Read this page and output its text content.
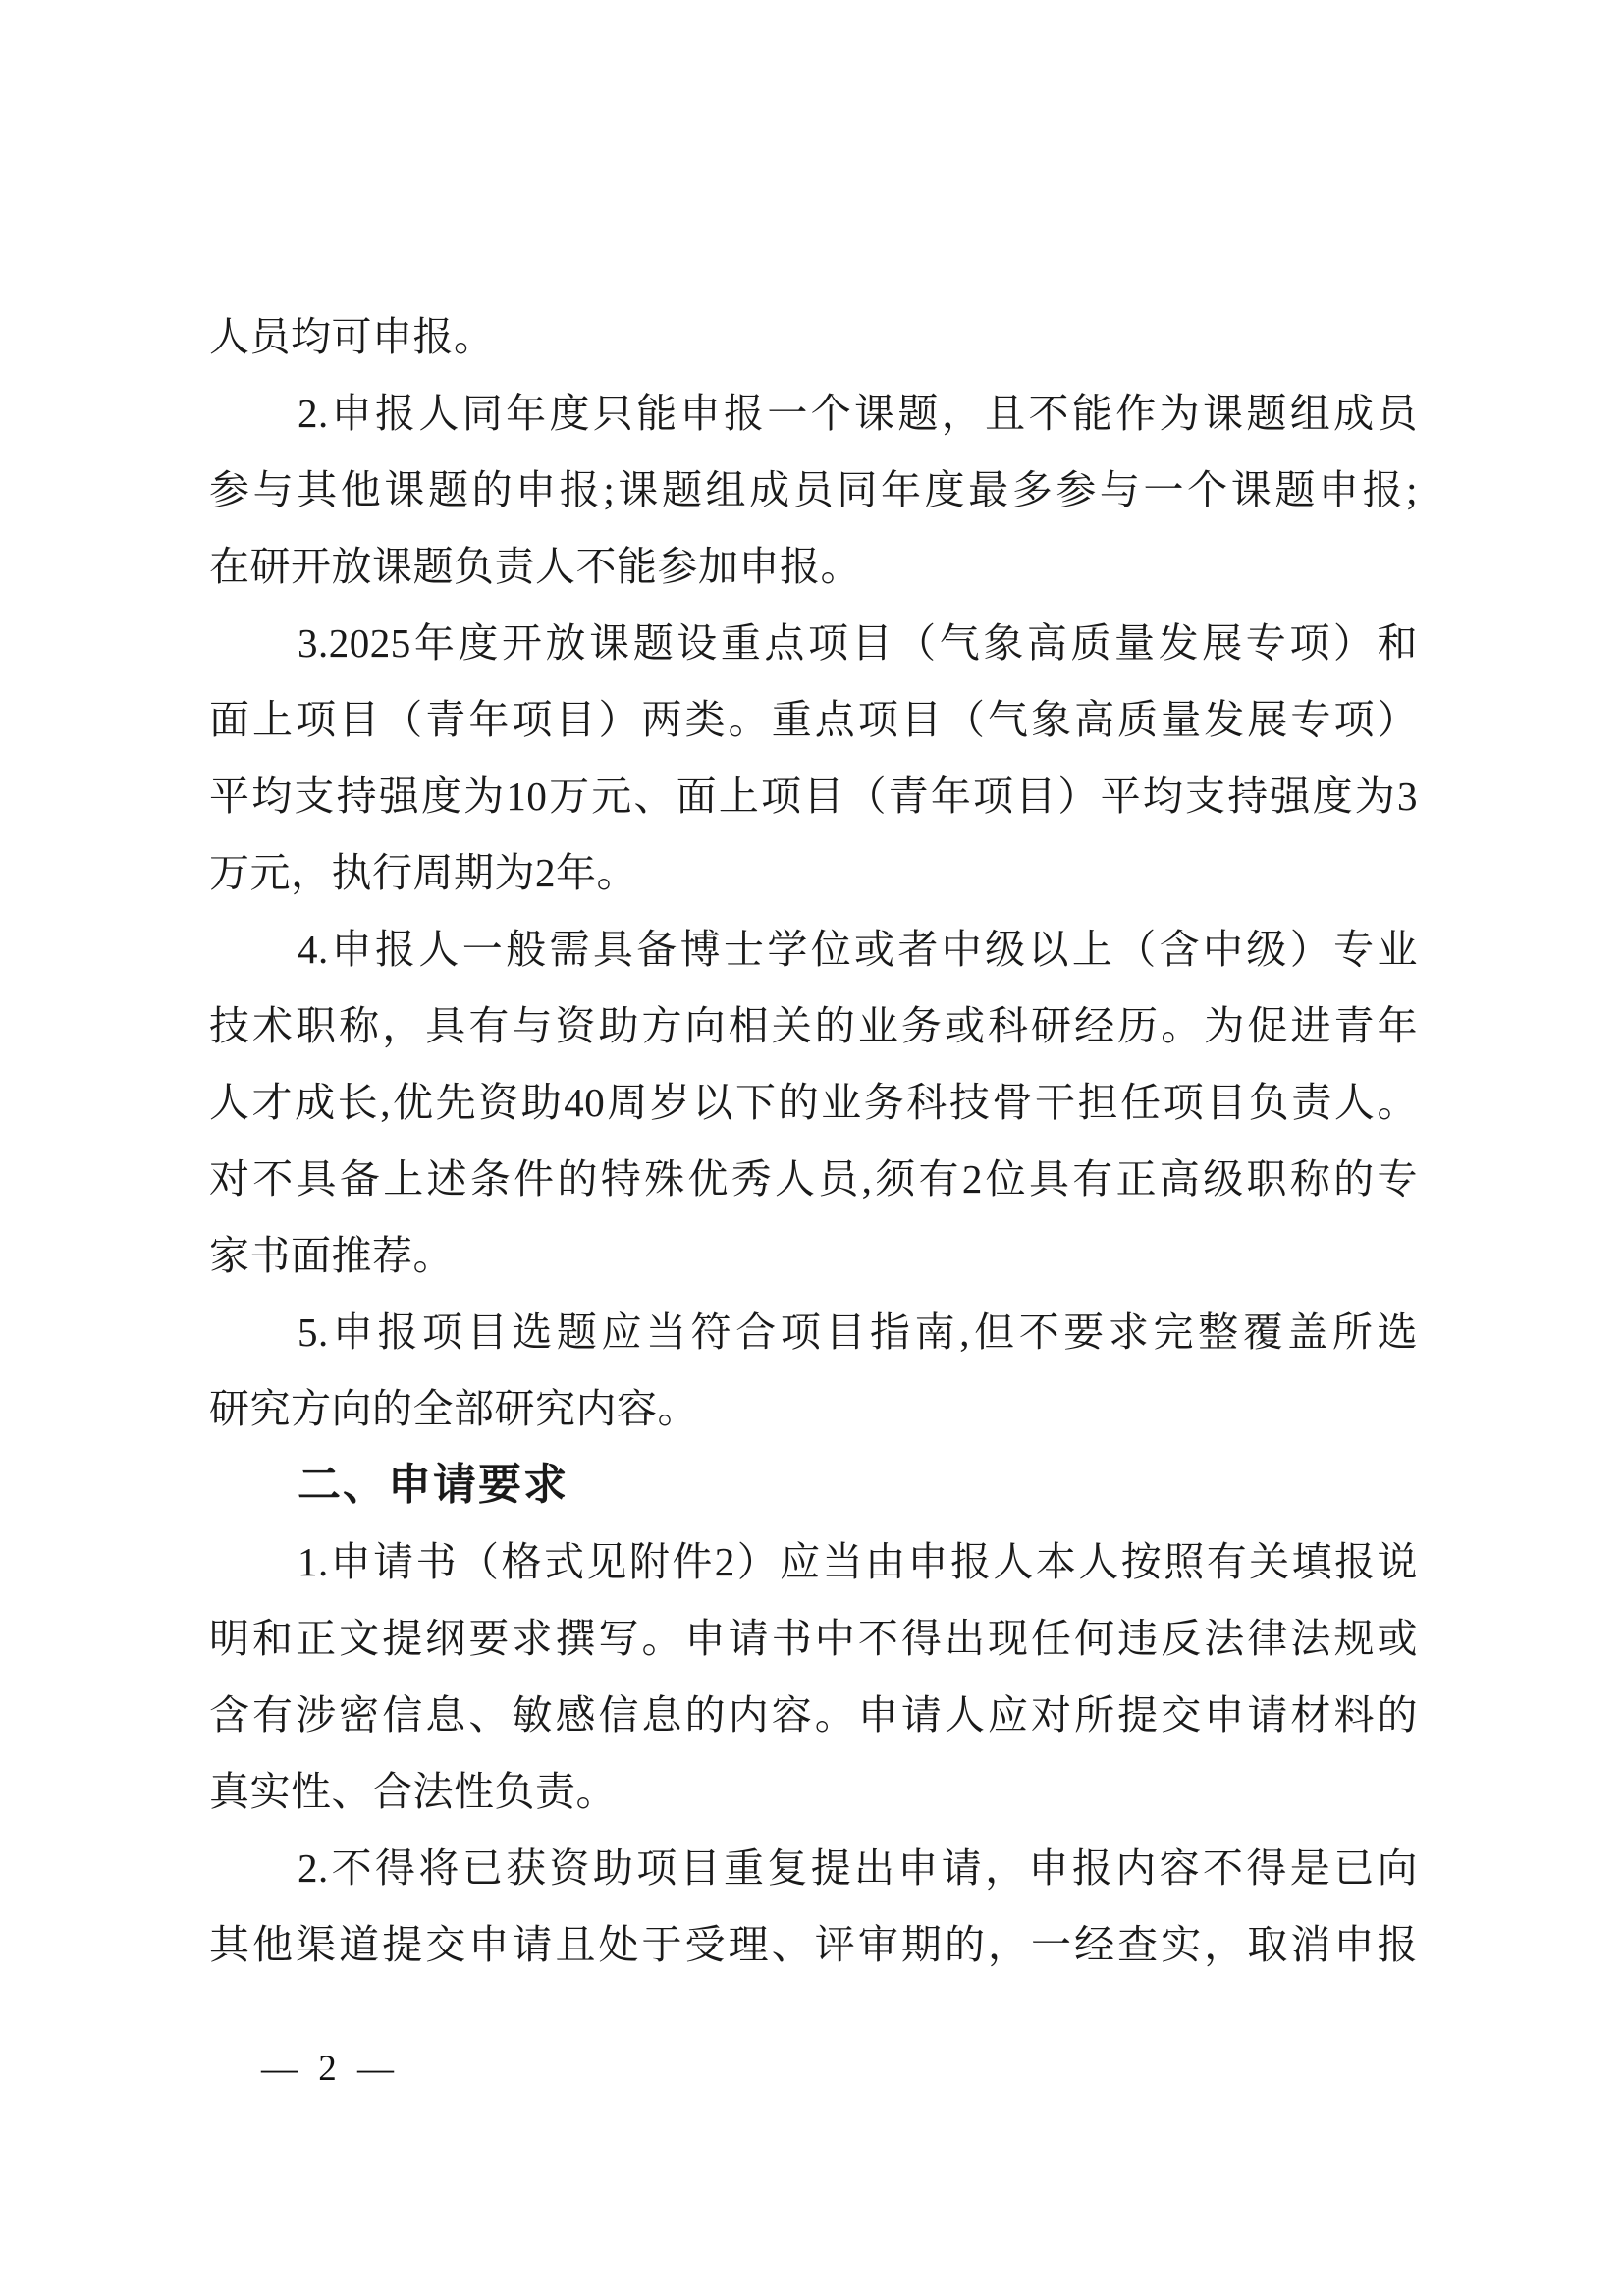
人员均可申报。
2.申报人同年度只能申报一个课题，且不能作为课题组成员
参与其他课题的申报;课题组成员同年度最多参与一个课题申报;
在研开放课题负责人不能参加申报。
3.2025年度开放课题设重点项目（气象高质量发展专项）和
面上项目（青年项目）两类。重点项目（气象高质量发展专项）
平均支持强度为10万元、面上项目（青年项目）平均支持强度为3
万元，执行周期为2年。
4.申报人一般需具备博士学位或者中级以上（含中级）专业
技术职称，具有与资助方向相关的业务或科研经历。为促进青年
人才成长,优先资助40周岁以下的业务科技骨干担任项目负责人。
对不具备上述条件的特殊优秀人员,须有2位具有正高级职称的专
家书面推荐。
5.申报项目选题应当符合项目指南,但不要求完整覆盖所选
研究方向的全部研究内容。
二、申请要求
1.申请书（格式见附件2）应当由申报人本人按照有关填报说
明和正文提纲要求撰写。申请书中不得出现任何违反法律法规或
含有涉密信息、敏感信息的内容。申请人应对所提交申请材料的
真实性、合法性负责。
2.不得将已获资助项目重复提出申请，申报内容不得是已向
其他渠道提交申请且处于受理、评审期的，一经查实，取消申报
— 2 —
